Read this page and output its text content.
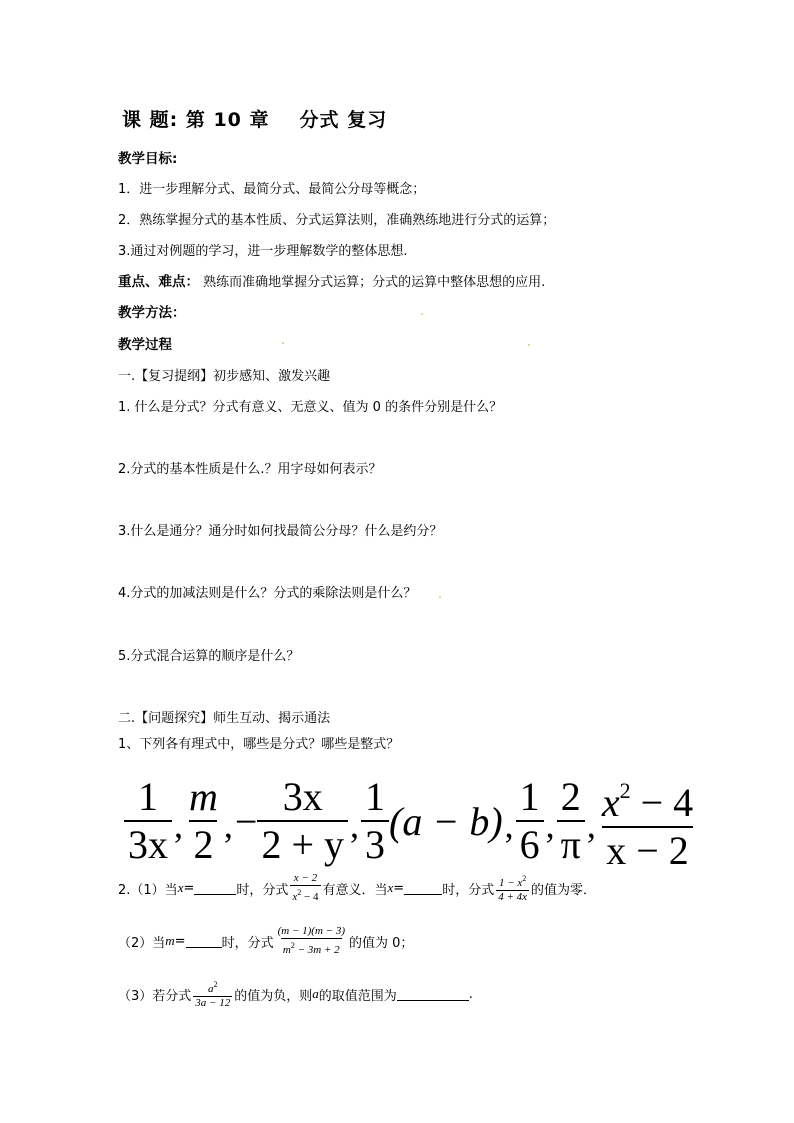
课 题: 第 10 章 分式 复习
教学目标:
1．进一步理解分式、最简分式、最简公分母等概念；
2．熟练掌握分式的基本性质、分式运算法则，准确熟练地进行分式的运算；
3.通过对例题的学习，进一步理解数学的整体思想.
重点、难点： 熟练而准确地掌握分式运算；分式的运算中整体思想的应用.
教学方法：
教学过程
一.【复习提纲】初步感知、激发兴趣
1. 什么是分式？分式有意义、无意义、值为 0 的条件分别是什么？
2.分式的基本性质是什么.？用字母如何表示？
3.什么是通分？通分时如何找最简公分母？什么是约分？
4.分式的加减法则是什么？分式的乘除法则是什么？
5.分式混合运算的顺序是什么？
二.【问题探究】师生互动、揭示通法
1、下列各有理式中，哪些是分式？哪些是整式？
$\frac{1}{3x}$ , $\frac{m}{2}$ , − $\frac{3x}{2 + y}$ , $\frac{1}{3} (a - b)$ , $\frac{1}{6}$ , $\frac{2}{\pi}$ , $\frac{x^2 - 4}{x - 2}$
2.（1）当 x =	时，分式 $\frac{x - 2}{x^2 - 4}$ 有意义．当 x =	时，分式 $\frac{1 - x^2}{4 + 4x}$ 的值为零．
（2）当 m =	时，分式 $\frac{(m - 1)(m - 3)}{m^2 - 3m + 2}$ 的值为 0；
（3）若分式 $\frac{a^2}{3a - 12}$ 的值为负，则 a 的取值范围为	.
